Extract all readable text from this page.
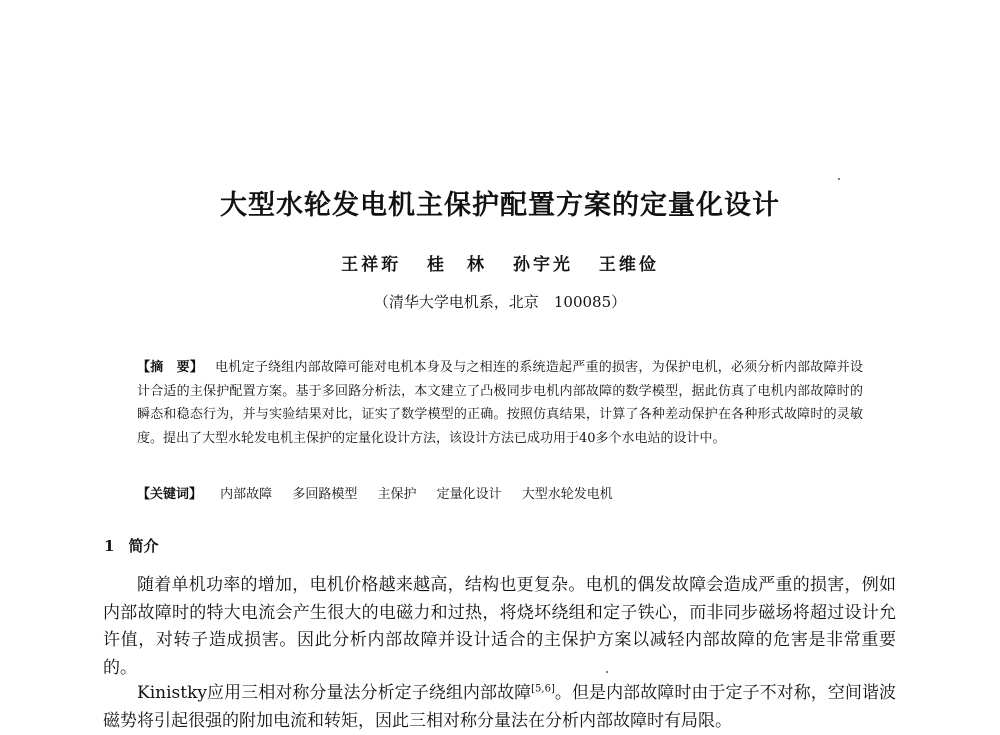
大型水轮发电机主保护配置方案的定量化设计
王祥珩 桂　林 孙宇光 王维俭
（清华大学电机系，北京　100085）
【摘　要】 电机定子绕组内部故障可能对电机本身及与之相连的系统造起严重的损害，为保护电机，必须分析内部故障并设计合适的主保护配置方案。基于多回路分析法，本文建立了凸极同步电机内部故障的数学模型，据此仿真了电机内部故障时的瞬态和稳态行为，并与实验结果对比，证实了数学模型的正确。按照仿真结果，计算了各种差动保护在各种形式故障时的灵敏度。提出了大型水轮发电机主保护的定量化设计方法，该设计方法已成功用于40多个水电站的设计中。
【关键词】 内部故障 多回路模型 主保护 定量化设计 大型水轮发电机
1 简介

随着单机功率的增加，电机价格越来越高，结构也更复杂。电机的偶发故障会造成严重的损害，例如内部故障时的特大电流会产生很大的电磁力和过热，将烧坏绕组和定子铁心，而非同步磁场将超过设计允许值，对转子造成损害。因此分析内部故障并设计适合的主保护方案以减轻内部故障的危害是非常重要的。

Kinistky应用三相对称分量法分析定子绕组内部故障[5,6]。但是内部故障时由于定子不对称，空间谐波磁势将引起很强的附加电流和转矩，因此三相对称分量法在分析内部故障时有局限。
